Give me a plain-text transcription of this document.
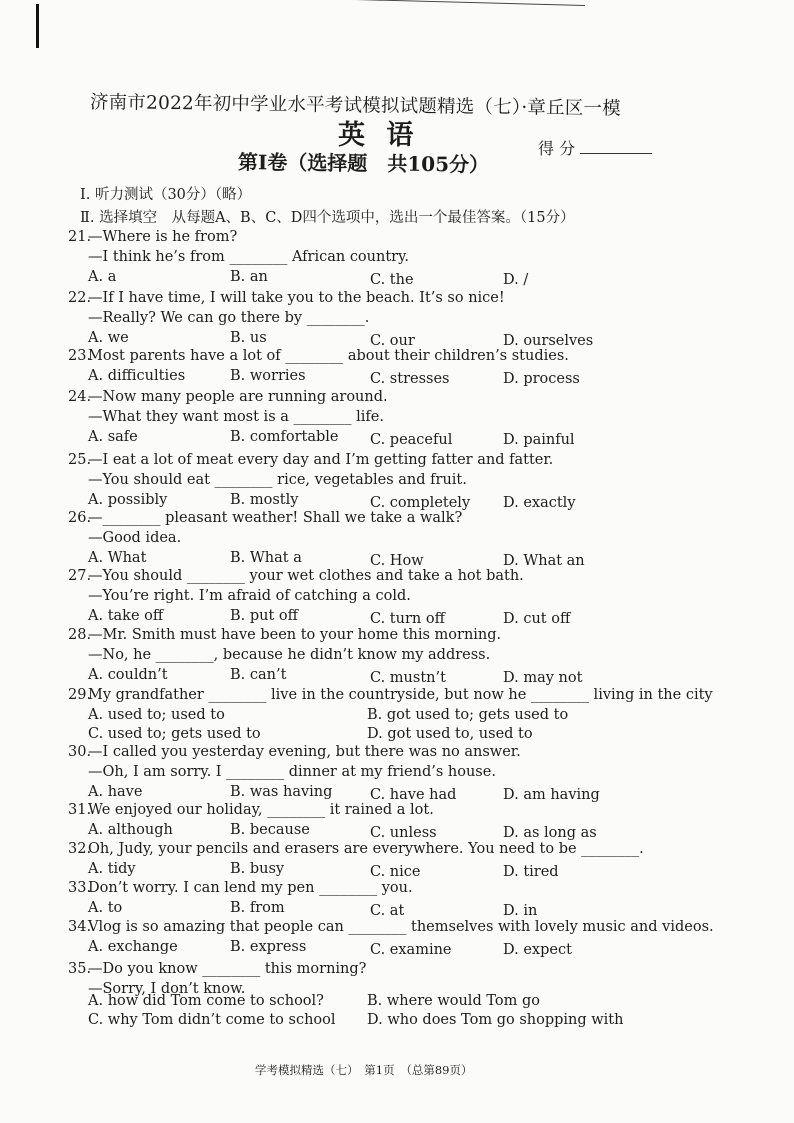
济南市2022年初中学业水平考试模拟试题精选（七）·章丘区一模
英 语	得 分
第Ⅰ卷（选择题　共105分）
Ⅰ. 听力测试（30分）（略）
Ⅱ. 选择填空　从每题A、B、C、D四个选项中，选出一个最佳答案。（15分）
21.
—Where is he from?
—I think he’s from ________ African country.
A. a	B. an	C. the	D. /
22.
—If I have time, I will take you to the beach. It’s so nice!
—Really? We can go there by ________.
A. we	B. us	C. our	D. ourselves
23.
Most parents have a lot of ________ about their children’s studies.
A. difficulties	B. worries	C. stresses	D. process
24.
—Now many people are running around.
—What they want most is a ________ life.
A. safe	B. comfortable C. peaceful	D. painful
25.
—I eat a lot of meat every day and I’m getting fatter and fatter.
—You should eat ________ rice, vegetables and fruit.
A. possibly	B. mostly	C. completely D. exactly
26.
—________ pleasant weather! Shall we take a walk?
—Good idea.
A. What	B. What a	C. How	D. What an
27.
—You should ________ your wet clothes and take a hot bath.
—You’re right. I’m afraid of catching a cold.
A. take off	B. put off	C. turn off	D. cut off
28.
—Mr. Smith must have been to your home this morning.
—No, he ________, because he didn’t know my address.
A. couldn’t	B. can’t	C. mustn’t	D. may not
29.
My grandfather ________ live in the countryside, but now he ________ living in the city
A. used to; used to	B. got used to; gets used to
C. used to; gets used to	D. got used to, used to
30.
—I called you yesterday evening, but there was no answer.
—Oh, I am sorry. I ________ dinner at my friend’s house.
A. have	B. was having	C. have had	D. am having
31.
We enjoyed our holiday, ________ it rained a lot.
A. although	B. because	C. unless	D. as long as
32.
Oh, Judy, your pencils and erasers are everywhere. You need to be ________.
A. tidy	B. busy	C. nice	D. tired
33.
Don’t worry. I can lend my pen ________ you.
A. to	B. from	C. at	D. in
34.
Vlog is so amazing that people can ________ themselves with lovely music and videos.
A. exchange	B. express	C. examine	D. expect
35.
—Do you know ________ this morning?
—Sorry, I don’t know.
A. how did Tom come to school?	B. where would Tom go
C. why Tom didn’t come to school D. who does Tom go shopping with
学考模拟精选（七）　第1页　（总第89页）
